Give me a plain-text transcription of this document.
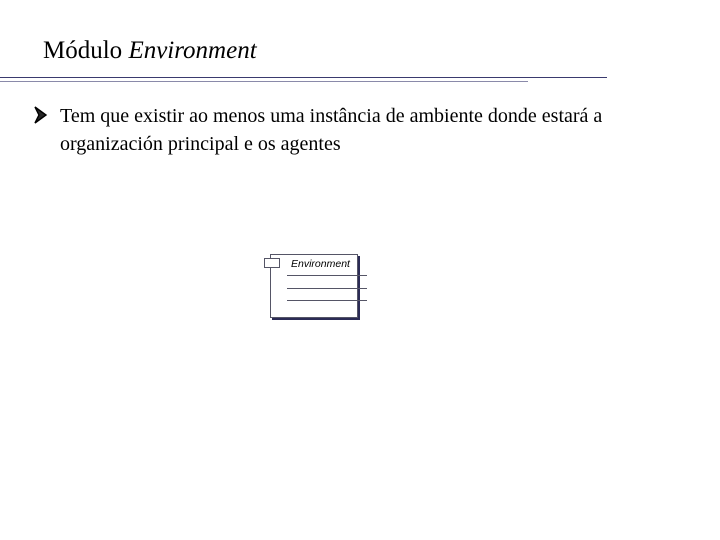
Módulo Environment
Tem que existir ao menos uma instância de ambiente donde estará a organización principal e os agentes
Environment
